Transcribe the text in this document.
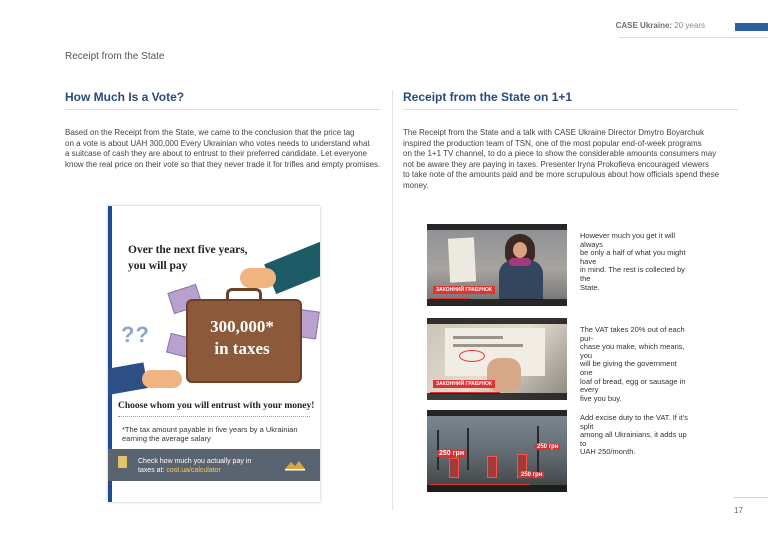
CASE Ukraine: 20 years
Receipt from the State
How Much Is a Vote?
Based on the Receipt from the State, we came to the conclusion that the price tag
on a vote is about UAH 300,000 Every Ukrainian who votes needs to understand what
a suitcase of cash they are about to entrust to their preferred candidate. Let everyone
know the real price on their vote so that they never trade it for trifles and empty promises.
Over the next five years,
you will pay
300,000*
in taxes
??
Choose whom you will entrust with your money!
*The tax amount payable in five years by a Ukrainian
earning the average salary
Check how much you actually pay in
taxes at: cost.ua/calculator
Receipt from the State on 1+1
The Receipt from the State and a talk with CASE Ukraine Director Dmytro Boyarchuk
inspired the production team of TSN, one of the most popular end-of-week programs
on the 1+1 TV channel, to do a piece to show the considerable amounts consumers may
not be aware they are paying in taxes. Presenter Iryna Prokofieva encouraged viewers
to take note of the amounts paid and be more scrupulous about how officials spend these
money.
ЗАКОННИЙ ГРАБУНОК
However much you get it will always
be only a half of what you might have
in mind. The rest is collected by the
State.
ЗАКОННИЙ ГРАБУНОК
The VAT takes 20% out of each pur-
chase you make, which means, you
will be giving the government one
loaf of bread, egg or sausage in every
five you buy.
250 грн
250 грн
250 грн
Add excise duty to the VAT. If it's split
among all Ukrainians, it adds up to
UAH 250/month.
17
